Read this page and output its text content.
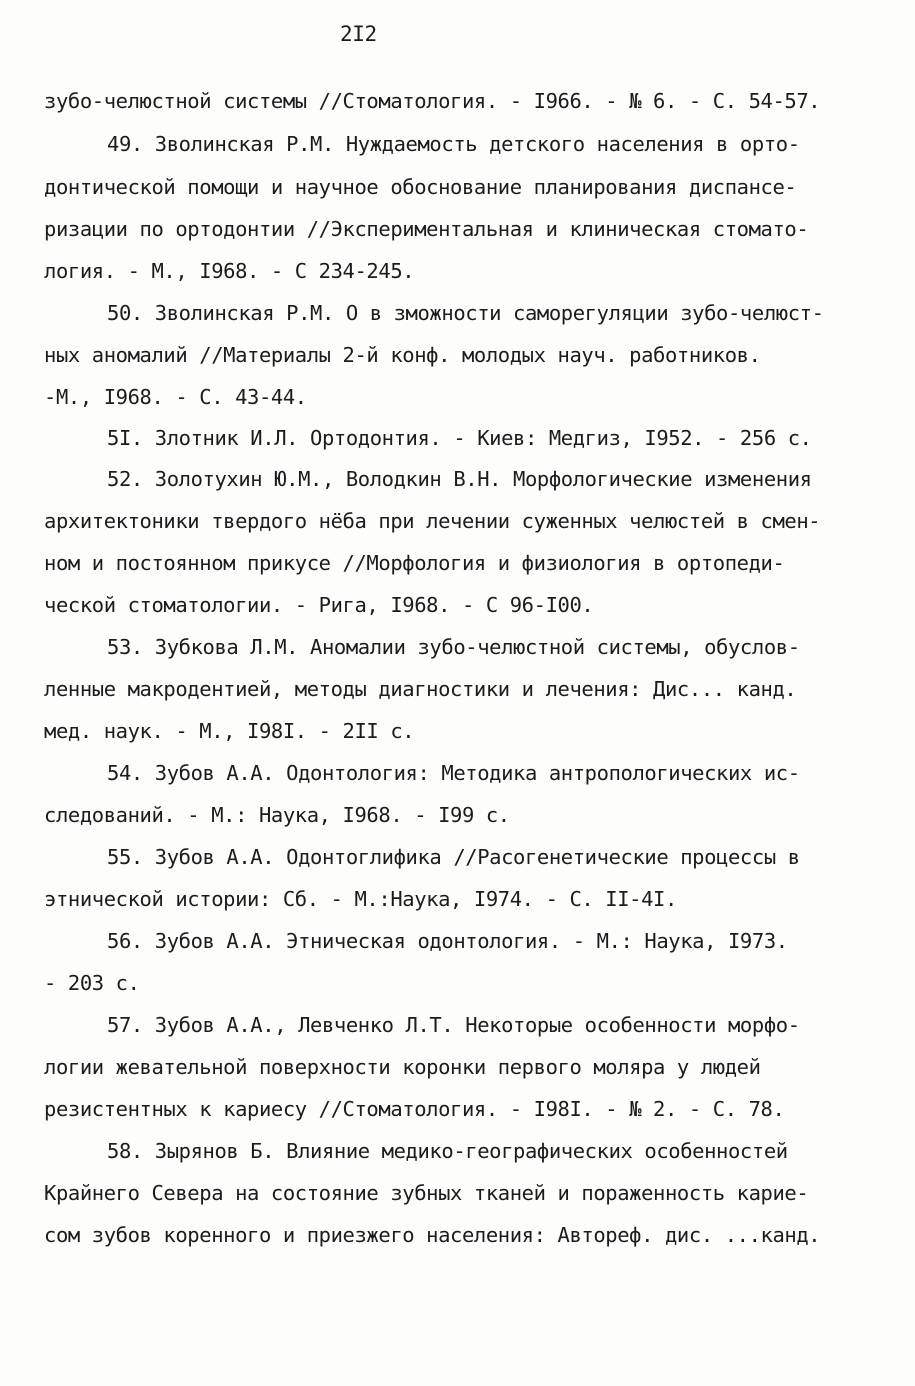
2I2
зубо-челюстной системы //Стоматология. - I966. - № 6. - С. 54-57.
49. Зволинская Р.М. Нуждаемость детского населения в орто-
донтической помощи и научное обоснование планирования диспансе-
ризации по ортодонтии //Экспериментальная и клиническая стомато-
логия. - М., I968. - С 234-245.
50. Зволинская Р.М. О в зможности саморегуляции зубо-челюст-
ных аномалий //Материалы 2-й конф. молодых науч. работников.
-М., I968. - С. 43-44.
5I. Злотник И.Л. Ортодонтия. - Киев: Медгиз, I952. - 256 с.
52. Золотухин Ю.М., Володкин В.Н. Морфологические изменения
архитектоники твердого нёба при лечении суженных челюстей в смен-
ном и постоянном прикусе //Морфология и физиология в ортопеди-
ческой стоматологии. - Рига, I968. - С 96-I00.
53. Зубкова Л.М. Аномалии зубо-челюстной системы, обуслов-
ленные макродентией, методы диагностики и лечения: Дис... канд.
мед. наук. - М., I98I. - 2II с.
54. Зубов А.А. Одонтология: Методика антропологических ис-
следований. - М.: Наука, I968. - I99 с.
55. Зубов А.А. Одонтоглифика //Расогенетические процессы в
этнической истории: Сб. - М.:Наука, I974. - С. II-4I.
56. Зубов А.А. Этническая одонтология. - М.: Наука, I973.
- 203 с.
57. Зубов А.А., Левченко Л.Т. Некоторые особенности морфо-
логии жевательной поверхности коронки первого моляра у людей
резистентных к кариесу //Стоматология. - I98I. - № 2. - С. 78.
58. Зырянов Б. Влияние медико-географических особенностей
Крайнего Севера на состояние зубных тканей и пораженность карие-
сом зубов коренного и приезжего населения: Автореф. дис. ...канд.
